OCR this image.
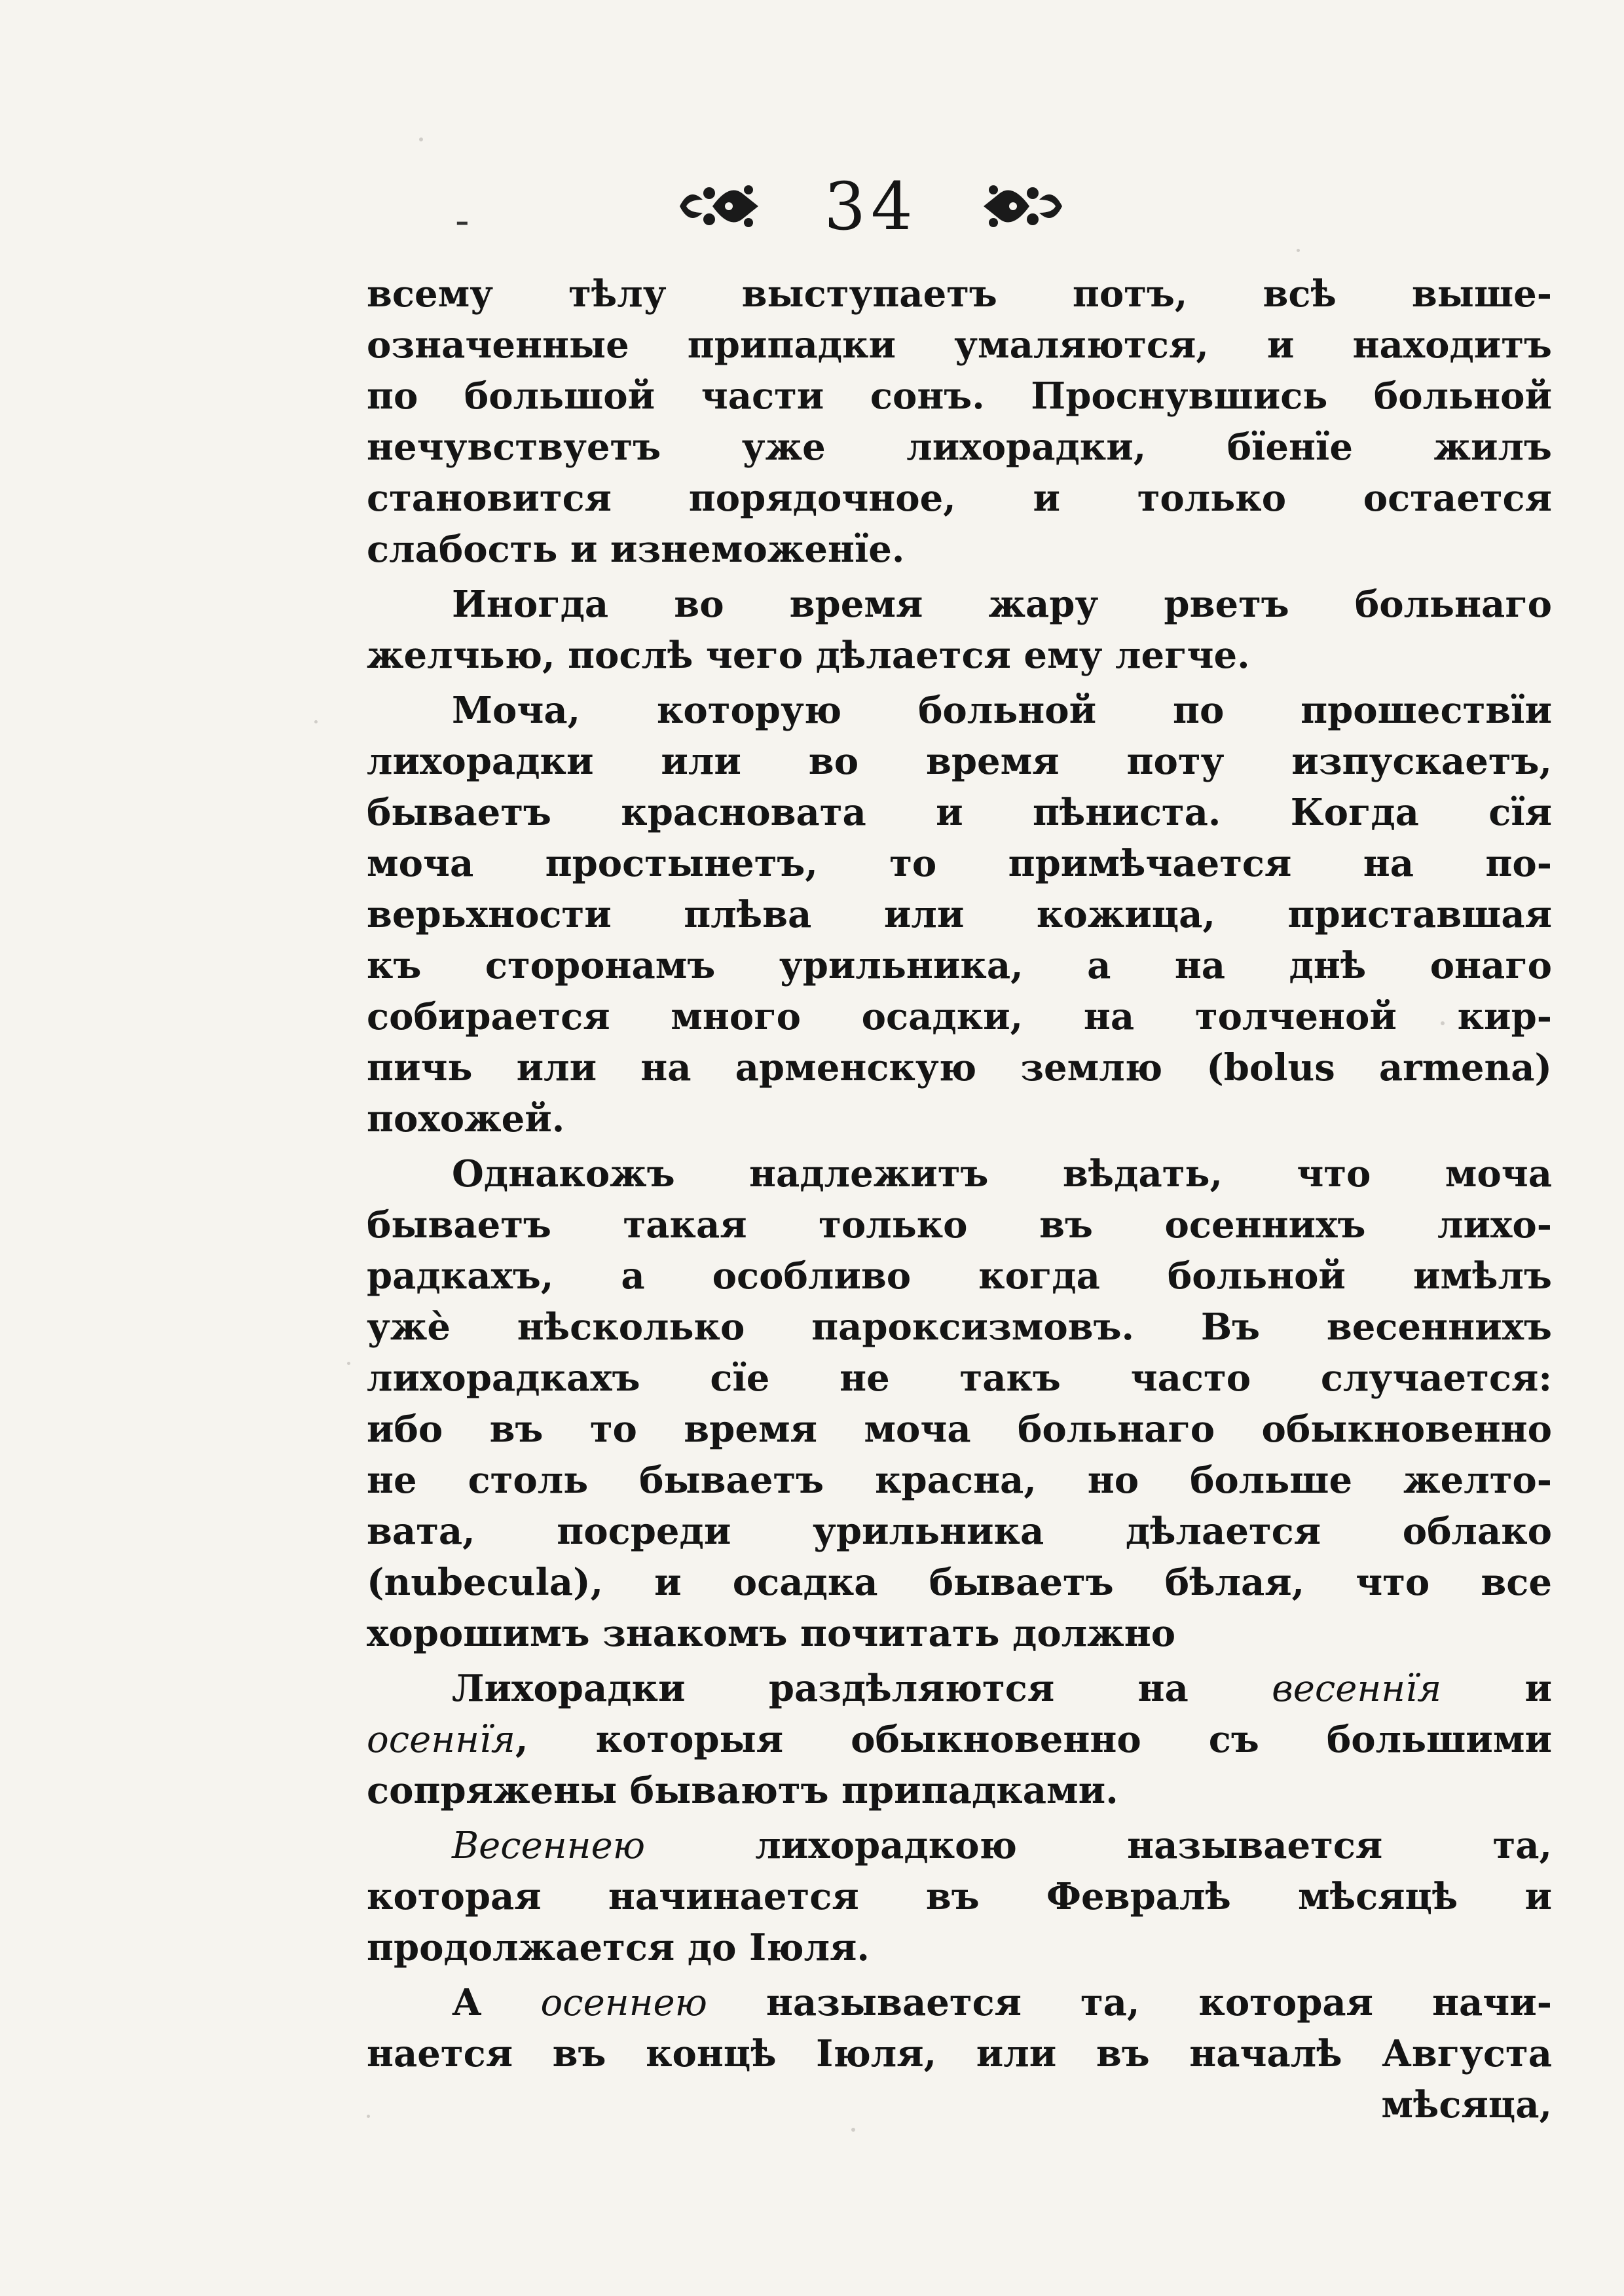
-	34
всему тѣлу выступаетъ потъ, всѣ выше-
означенные припадки умаляются, и находитъ
по большой части сонъ. Проснувшись больной
нечувствуетъ уже лихорадки, бїенїе жилъ
становится порядочное, и только остается
слабость и изнеможенїе.
Иногда во время жару рветъ больнаго
желчью, послѣ чего дѣлается ему легче.
Моча, которую больной по прошествїи
лихорадки или во время поту изпускаетъ,
бываетъ красновата и пѣниста. Когда сїя
моча простынетъ, то примѣчается на по-
верьхности плѣва или кожица, приставшая
къ сторонамъ урильника, а на днѣ онаго
собирается много осадки, на толченой кир-
пичь или на арменскую землю (bolus armena)
похожей.
Однакожъ надлежитъ вѣдать, что моча
бываетъ такая только въ осеннихъ лихо-
радкахъ, а особливо когда больной имѣлъ
ужѐ нѣсколько пароксизмовъ. Въ весеннихъ
лихорадкахъ сїе не такъ часто случается:
ибо въ то время моча больнаго обыкновенно
не столь бываетъ красна, но больше желто-
вата, посреди урильника дѣлается облако
(nubecula), и осадка бываетъ бѣлая, что все
хорошимъ знакомъ почитать должно
Лихорадки раздѣляются на весеннїя и
осеннїя, которыя обыкновенно съ большими
сопряжены бываютъ припадками.
Весеннею лихорадкою называется та,
которая начинается въ Февралѣ мѣсяцѣ и
продолжается до Іюля.
А осеннею называется та, которая начи-
нается въ концѣ Іюля, или въ началѣ Августа
мѣсяца,
